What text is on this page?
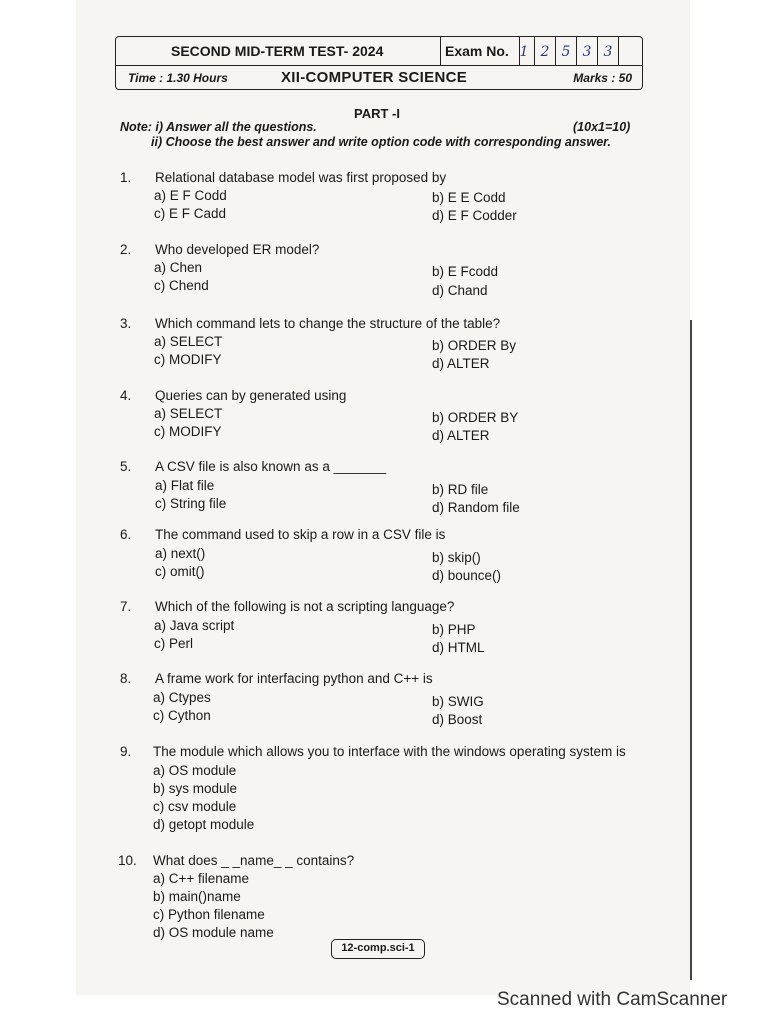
SECOND MID-TERM TEST- 2024	Exam No. 1 2 5 3 3
Time : 1.30 Hours	XII-COMPUTER SCIENCE	Marks : 50
PART -I
Note: i) Answer all the questions.	(10x1=10)
ii) Choose the best answer and write option code with corresponding answer.
1. Relational database model was first proposed by
a) E F Codd	b) E E Codd
c) E F Cadd	d) E F Codder
2. Who developed ER model?
a) Chen	b) E Fcodd
c) Chend	d) Chand
3. Which command lets to change the structure of the table?
a) SELECT	b) ORDER By
c) MODIFY	d) ALTER
4. Queries can by generated using
a) SELECT	b) ORDER BY
c) MODIFY	d) ALTER
5. A CSV file is also known as a _______
a) Flat file	b) RD file
c) String file	d) Random file
6. The command used to skip a row in a CSV file is
a) next()	b) skip()
c) omit()	d) bounce()
7. Which of the following is not a scripting language?
a) Java script	b) PHP
c) Perl	d) HTML
8. A frame work for interfacing python and C++ is
a) Ctypes	b) SWIG
c) Cython	d) Boost
9. The module which allows you to interface with the windows operating system is
a) OS module
b) sys module
c) csv module
d) getopt module
10. What does _ _name_ _ contains?
a) C++ filename
b) main()name
c) Python filename
d) OS module name
12-comp.sci-1
Scanned with CamScanner
